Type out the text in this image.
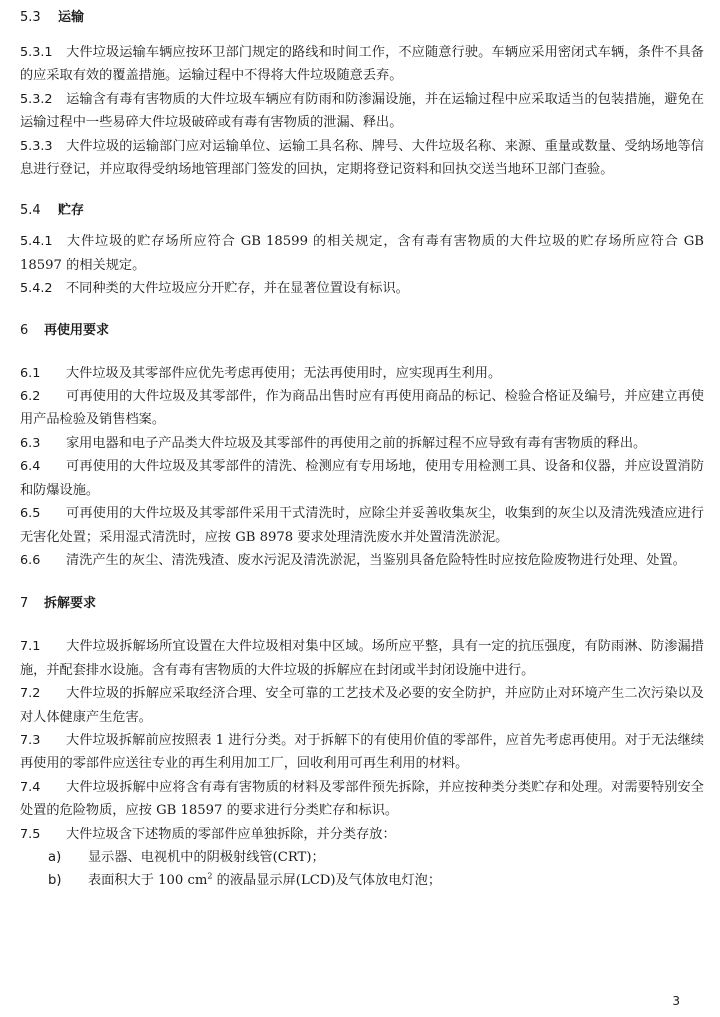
5.3 运输

5.3.1 大件垃圾运输车辆应按环卫部门规定的路线和时间工作，不应随意行驶。车辆应采用密闭式车辆，条件不具备的应采取有效的覆盖措施。运输过程中不得将大件垃圾随意丢弃。

5.3.2 运输含有毒有害物质的大件垃圾车辆应有防雨和防渗漏设施，并在运输过程中应采取适当的包装措施，避免在运输过程中一些易碎大件垃圾破碎或有毒有害物质的泄漏、释出。

5.3.3 大件垃圾的运输部门应对运输单位、运输工具名称、牌号、大件垃圾名称、来源、重量或数量、受纳场地等信息进行登记，并应取得受纳场地管理部门签发的回执，定期将登记资料和回执交送当地环卫部门查验。

5.4 贮存

5.4.1 大件垃圾的贮存场所应符合 GB 18599 的相关规定，含有毒有害物质的大件垃圾的贮存场所应符合 GB 18597 的相关规定。

5.4.2 不同种类的大件垃圾应分开贮存，并在显著位置设有标识。

6 再使用要求

6.1 大件垃圾及其零部件应优先考虑再使用；无法再使用时，应实现再生利用。

6.2 可再使用的大件垃圾及其零部件，作为商品出售时应有再使用商品的标记、检验合格证及编号，并应建立再使用产品检验及销售档案。

6.3 家用电器和电子产品类大件垃圾及其零部件的再使用之前的拆解过程不应导致有毒有害物质的释出。

6.4 可再使用的大件垃圾及其零部件的清洗、检测应有专用场地，使用专用检测工具、设备和仪器，并应设置消防和防爆设施。

6.5 可再使用的大件垃圾及其零部件采用干式清洗时，应除尘并妥善收集灰尘，收集到的灰尘以及清洗残渣应进行无害化处置；采用湿式清洗时，应按 GB 8978 要求处理清洗废水并处置清洗淤泥。

6.6 清洗产生的灰尘、清洗残渣、废水污泥及清洗淤泥，当鉴别具备危险特性时应按危险废物进行处理、处置。

7 拆解要求

7.1 大件垃圾拆解场所宜设置在大件垃圾相对集中区域。场所应平整，具有一定的抗压强度，有防雨淋、防渗漏措施，并配套排水设施。含有毒有害物质的大件垃圾的拆解应在封闭或半封闭设施中进行。

7.2 大件垃圾的拆解应采取经济合理、安全可靠的工艺技术及必要的安全防护，并应防止对环境产生二次污染以及对人体健康产生危害。

7.3 大件垃圾拆解前应按照表 1 进行分类。对于拆解下的有使用价值的零部件，应首先考虑再使用。对于无法继续再使用的零部件应送往专业的再生利用加工厂，回收利用可再生利用的材料。

7.4 大件垃圾拆解中应将含有毒有害物质的材料及零部件预先拆除，并应按种类分类贮存和处理。对需要特别安全处置的危险物质，应按 GB 18597 的要求进行分类贮存和标识。

7.5 大件垃圾含下述物质的零部件应单独拆除，并分类存放：

a) 显示器、电视机中的阴极射线管(CRT)；

b) 表面积大于 100 $cm^2$ 的液晶显示屏(LCD)及气体放电灯泡；

3
